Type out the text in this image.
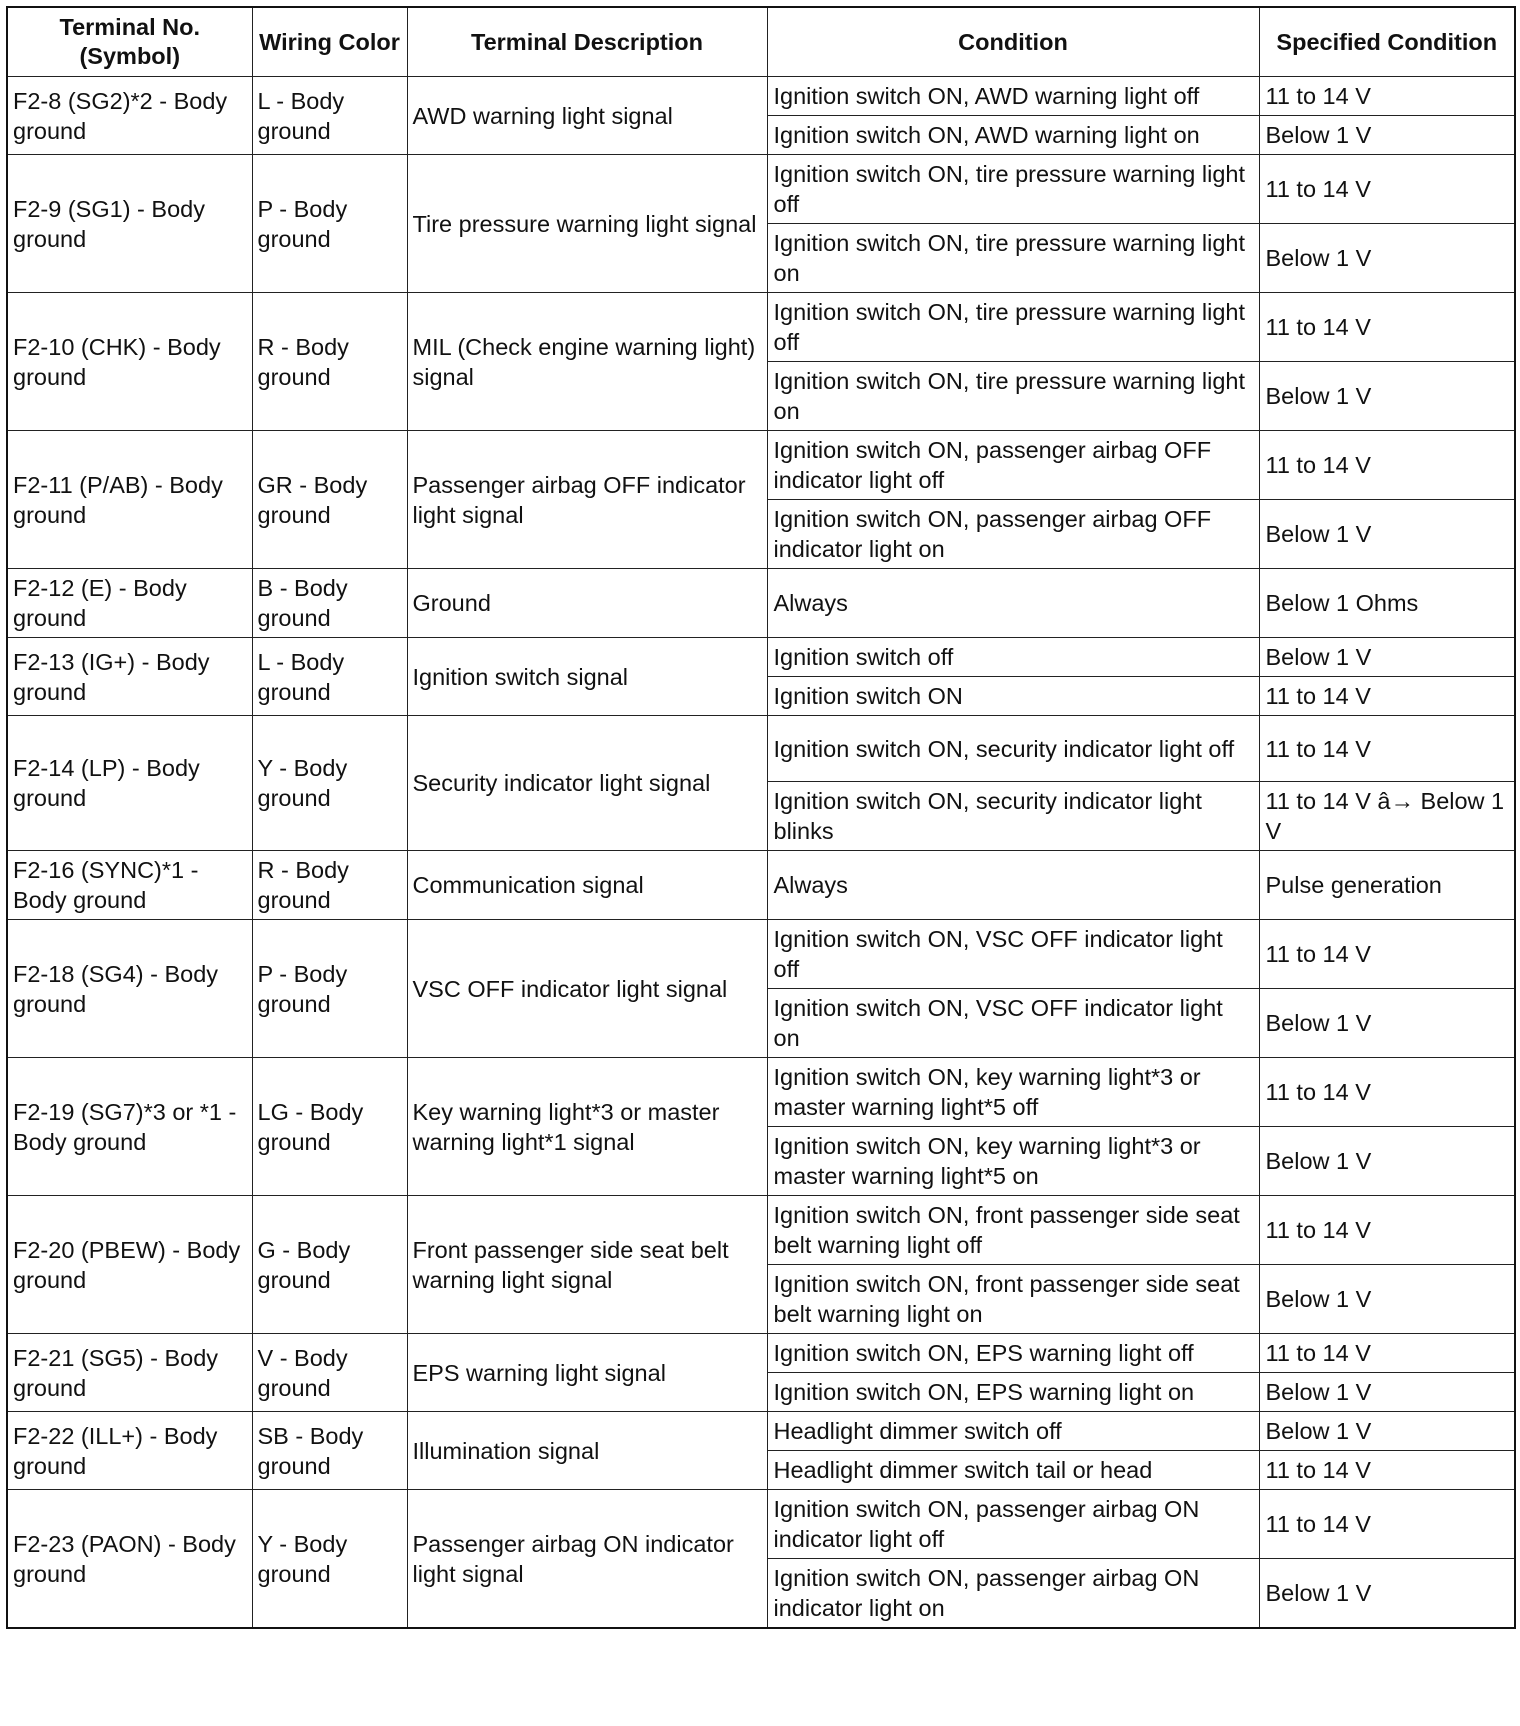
Terminal No. (Symbol)	Wiring Color	Terminal Description	Condition	Specified Condition
F2-8 (SG2)*2 - Body ground	L - Body ground	AWD warning light signal	Ignition switch ON, AWD warning light off	11 to 14 V
			Ignition switch ON, AWD warning light on	Below 1 V
F2-9 (SG1) - Body ground	P - Body ground	Tire pressure warning light signal	Ignition switch ON, tire pressure warning light off	11 to 14 V
			Ignition switch ON, tire pressure warning light on	Below 1 V
F2-10 (CHK) - Body ground	R - Body ground	MIL (Check engine warning light) signal	Ignition switch ON, tire pressure warning light off	11 to 14 V
			Ignition switch ON, tire pressure warning light on	Below 1 V
F2-11 (P/AB) - Body ground	GR - Body ground	Passenger airbag OFF indicator light signal	Ignition switch ON, passenger airbag OFF indicator light off	11 to 14 V
			Ignition switch ON, passenger airbag OFF indicator light on	Below 1 V
F2-12 (E) - Body ground	B - Body ground	Ground	Always	Below 1 Ohms
F2-13 (IG+) - Body ground	L - Body ground	Ignition switch signal	Ignition switch off	Below 1 V
			Ignition switch ON	11 to 14 V
F2-14 (LP) - Body ground	Y - Body ground	Security indicator light signal	Ignition switch ON, security indicator light off	11 to 14 V
			Ignition switch ON, security indicator light blinks	11 to 14 V â→ Below 1 V
F2-16 (SYNC)*1 - Body ground	R - Body ground	Communication signal	Always	Pulse generation
F2-18 (SG4) - Body ground	P - Body ground	VSC OFF indicator light signal	Ignition switch ON, VSC OFF indicator light off	11 to 14 V
			Ignition switch ON, VSC OFF indicator light on	Below 1 V
F2-19 (SG7)*3 or *1 - Body ground	LG - Body ground	Key warning light*3 or master warning light*1 signal	Ignition switch ON, key warning light*3 or master warning light*5 off	11 to 14 V
			Ignition switch ON, key warning light*3 or master warning light*5 on	Below 1 V
F2-20 (PBEW) - Body ground	G - Body ground	Front passenger side seat belt warning light signal	Ignition switch ON, front passenger side seat belt warning light off	11 to 14 V
			Ignition switch ON, front passenger side seat belt warning light on	Below 1 V
F2-21 (SG5) - Body ground	V - Body ground	EPS warning light signal	Ignition switch ON, EPS warning light off	11 to 14 V
			Ignition switch ON, EPS warning light on	Below 1 V
F2-22 (ILL+) - Body ground	SB - Body ground	Illumination signal	Headlight dimmer switch off	Below 1 V
			Headlight dimmer switch tail or head	11 to 14 V
F2-23 (PAON) - Body ground	Y - Body ground	Passenger airbag ON indicator light signal	Ignition switch ON, passenger airbag ON indicator light off	11 to 14 V
			Ignition switch ON, passenger airbag ON indicator light on	Below 1 V
